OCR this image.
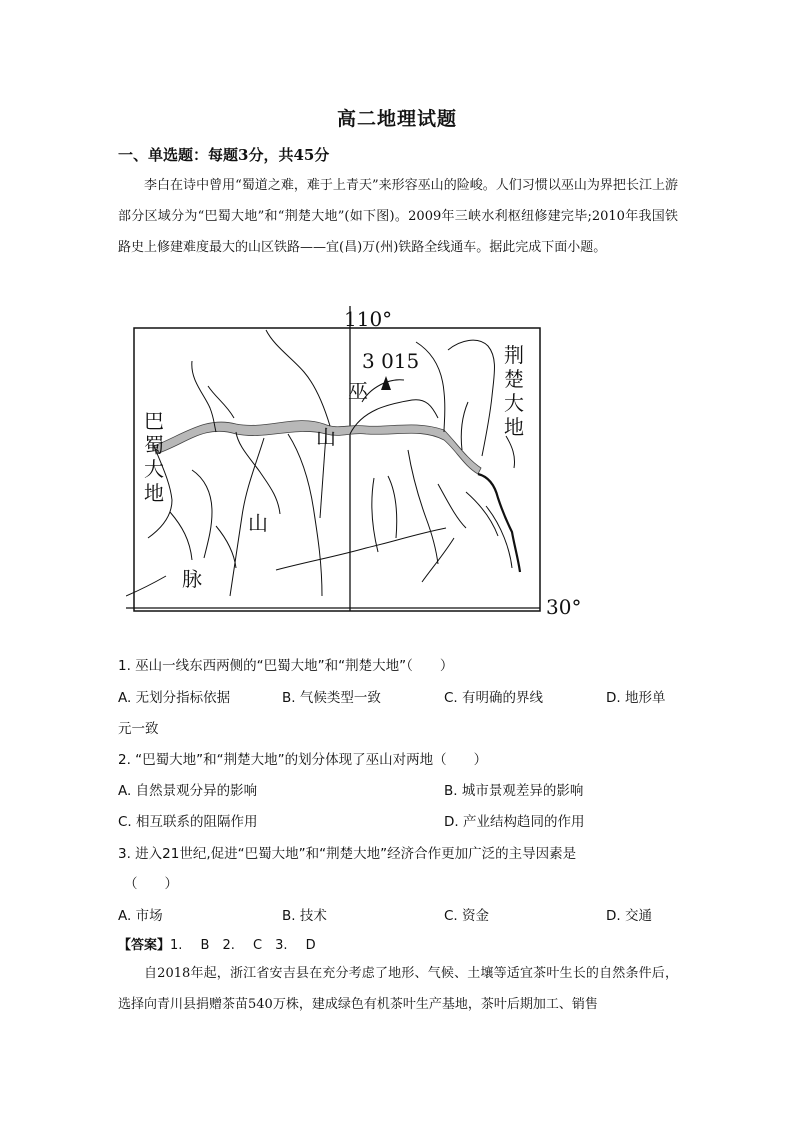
高二地理试题
一、单选题：每题3分，共45分
李白在诗中曾用“蜀道之难，难于上青天”来形容巫山的险峻。人们习惯以巫山为界把长江上游部分区域分为“巴蜀大地”和“荆楚大地”(如下图)。2009年三峡水利枢纽修建完毕;2010年我国铁路史上修建难度最大的山区铁路——宜(昌)万(州)铁路全线通车。据此完成下面小题。
110°
30°
3 015
巫
山
山
脉
巴
蜀
大
地
荆
楚
大
地
1. 巫山一线东西两侧的“巴蜀大地”和“荆楚大地”（　　）
A. 无划分指标依据	B. 气候类型一致	C. 有明确的界线	D. 地形单
元一致
2. “巴蜀大地”和“荆楚大地”的划分体现了巫山对两地（　　）
A. 自然景观分异的影响	B. 城市景观差异的影响
C. 相互联系的阻隔作用	D. 产业结构趋同的作用
3. 进入21世纪,促进“巴蜀大地”和“荆楚大地”经济合作更加广泛的主导因素是
（　　）
A. 市场	B. 技术	C. 资金	D. 交通
【答案】1. B　2. C　3. D
自2018年起，浙江省安吉县在充分考虑了地形、气候、土壤等适宜茶叶生长的自然条件后，选择向青川县捐赠茶苗540万株，建成绿色有机茶叶生产基地，茶叶后期加工、销售
